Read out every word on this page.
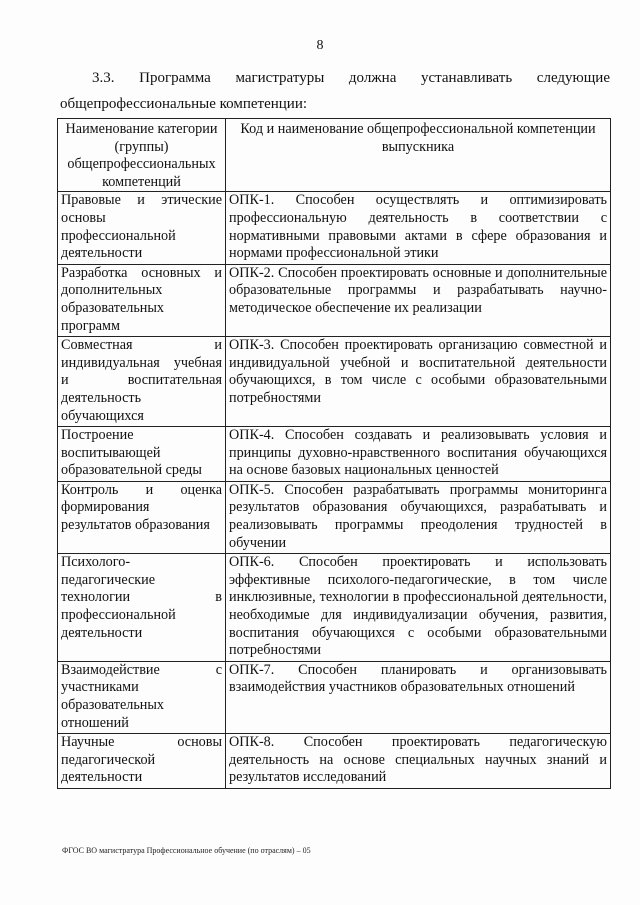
8
3.3. Программа магистратуры должна устанавливать следующие
общепрофессиональные компетенции:
Наименование категории (группы) общепрофессиональных компетенций	Код и наименование общепрофессиональной компетенции выпускника
Правовые и этические основы профессиональной деятельности	ОПК-1. Способен осуществлять и оптимизировать профессиональную деятельность в соответствии с нормативными правовыми актами в сфере образования и нормами профессиональной этики
Разработка основных и дополнительных образовательных программ	ОПК-2. Способен проектировать основные и дополнительные образовательные программы и разрабатывать научно-методическое обеспечение их реализации
Совместная и индивидуальная учебная и воспитательная деятельность обучающихся	ОПК-3. Способен проектировать организацию совместной и индивидуальной учебной и воспитательной деятельности обучающихся, в том числе с особыми образовательными потребностями
Построение воспитывающей образовательной среды	ОПК-4. Способен создавать и реализовывать условия и принципы духовно-нравственного воспитания обучающихся на основе базовых национальных ценностей
Контроль и оценка формирования результатов образования	ОПК-5. Способен разрабатывать программы мониторинга результатов образования обучающихся, разрабатывать и реализовывать программы преодоления трудностей в обучении
Психолого-педагогические технологии в профессиональной деятельности	ОПК-6. Способен проектировать и использовать эффективные психолого-педагогические, в том числе инклюзивные, технологии в профессиональной деятельности, необходимые для индивидуализации обучения, развития, воспитания обучающихся с особыми образовательными потребностями
Взаимодействие с участниками образовательных отношений	ОПК-7. Способен планировать и организовывать взаимодействия участников образовательных отношений
Научные основы педагогической деятельности	ОПК-8. Способен проектировать педагогическую деятельность на основе специальных научных знаний и результатов исследований
ФГОС ВО магистратура Профессиональное обучение (по отраслям) – 05
